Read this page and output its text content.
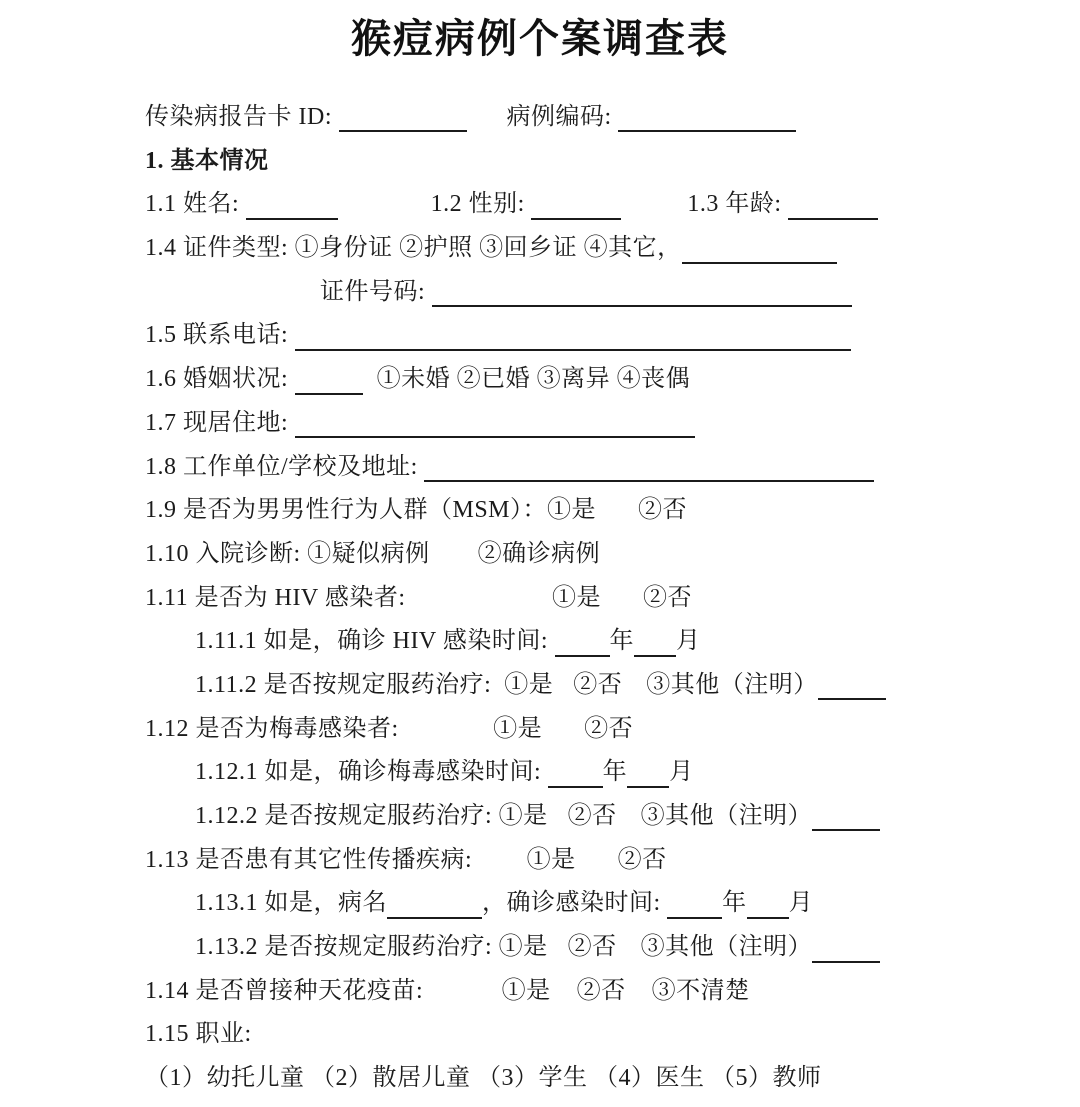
猴痘病例个案调查表
传染病报告卡 ID:	病例编码:
1. 基本情况
1.1 姓名:	1.2 性别:	1.3 年龄:
1.4 证件类型: ①身份证 ②护照 ③回乡证 ④其它，
证件号码:
1.5 联系电话:
1.6 婚姻状况:	①未婚 ②已婚 ③离异 ④丧偶
1.7 现居住地:
1.8 工作单位/学校及地址:
1.9 是否为男男性行为人群（MSM）：①是 ②否
1.10 入院诊断: ①疑似病例 ②确诊病例
1.11 是否为 HIV 感染者:	①是 ②否
1.11.1 如是，确诊 HIV 感染时间: 年 月
1.11.2 是否按规定服药治疗:  ①是 ②否 ③其他（注明）
1.12 是否为梅毒感染者:	①是 ②否
1.12.1 如是，确诊梅毒感染时间: 年 月
1.12.2 是否按规定服药治疗: ①是 ②否 ③其他（注明）
1.13 是否患有其它性传播疾病: ①是 ②否
1.13.1 如是，病名	，确诊感染时间: 年 月
1.13.2 是否按规定服药治疗: ①是 ②否 ③其他（注明）
1.14 是否曾接种天花疫苗:	①是 ②否 ③不清楚
1.15 职业:
（1）幼托儿童 （2）散居儿童 （3）学生 （4）医生 （5）教师
